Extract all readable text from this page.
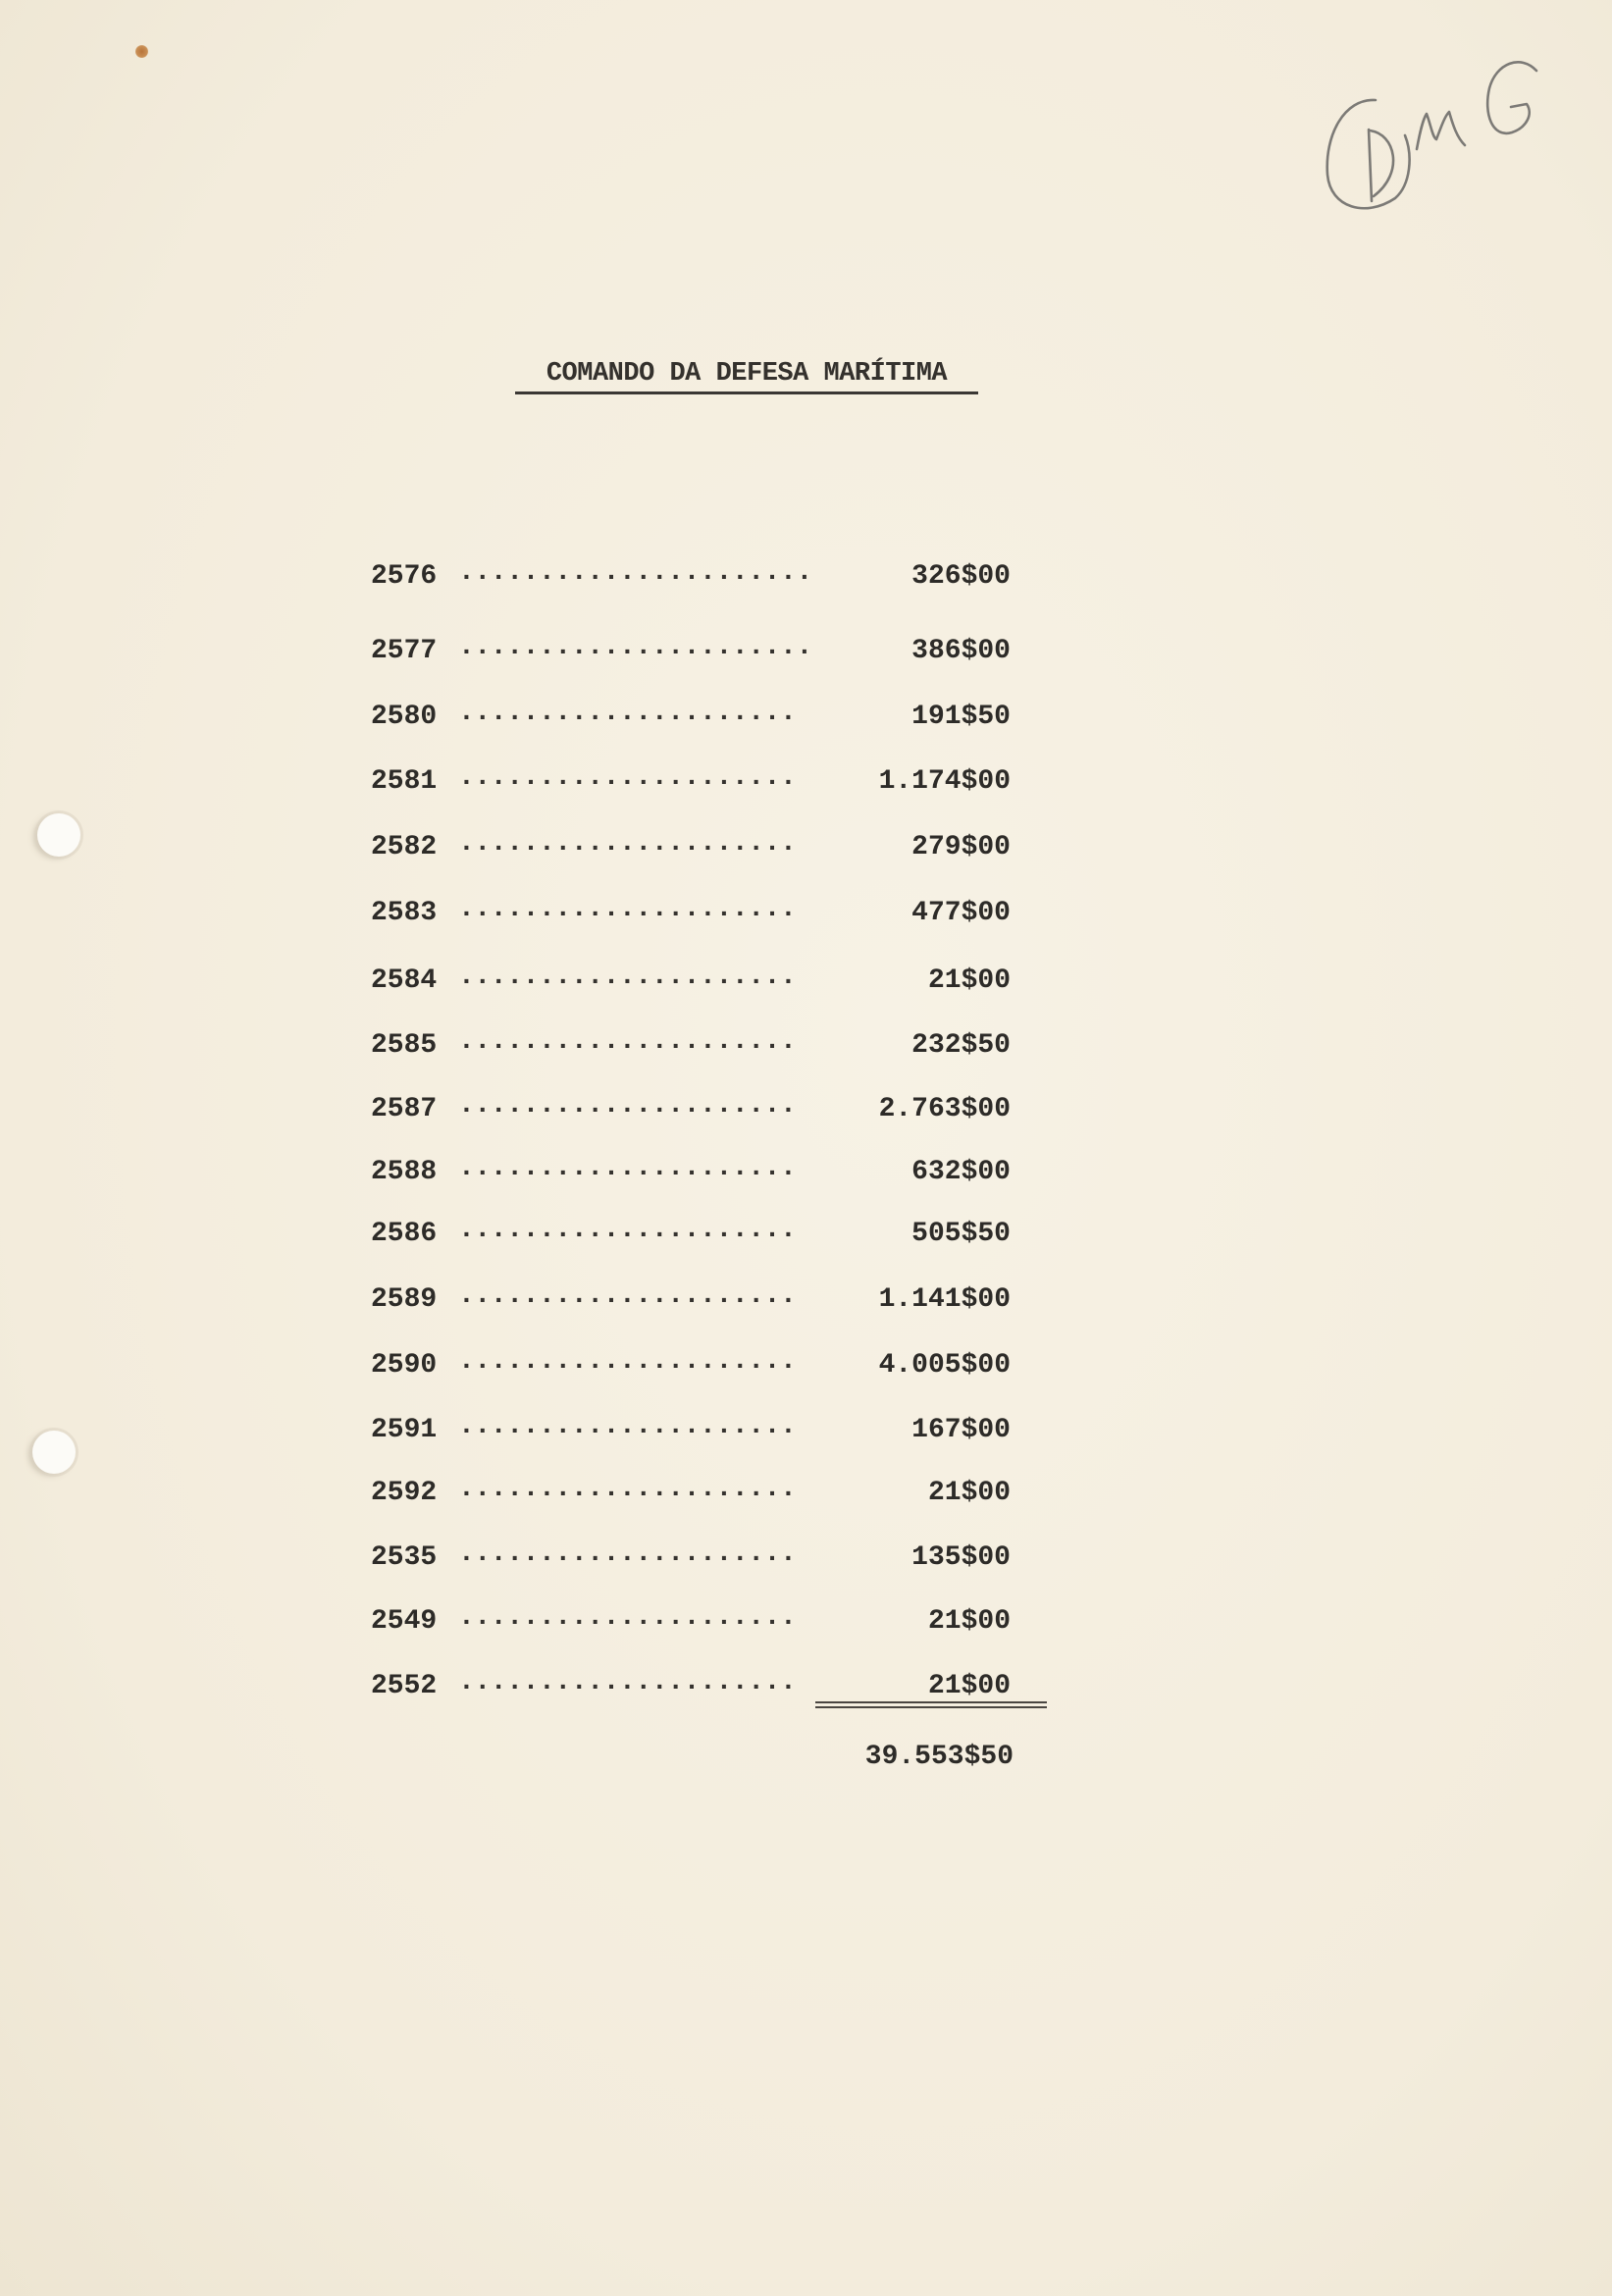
COMANDO DA DEFESA MARÍTIMA
2576 ......................	326$00
2577 ......................	386$00
2580 .....................	191$50
2581 .....................	1.174$00
2582 .....................	279$00
2583 .....................	477$00
2584 .....................	21$00
2585 .....................	232$50
2587 .....................	2.763$00
2588 .....................	632$00
2586 .....................	505$50
2589 .....................	1.141$00
2590 .....................	4.005$00
2591 .....................	167$00
2592 .....................	21$00
2535 .....................	135$00
2549 .....................	21$00
2552 .....................	21$00
39.553$50
